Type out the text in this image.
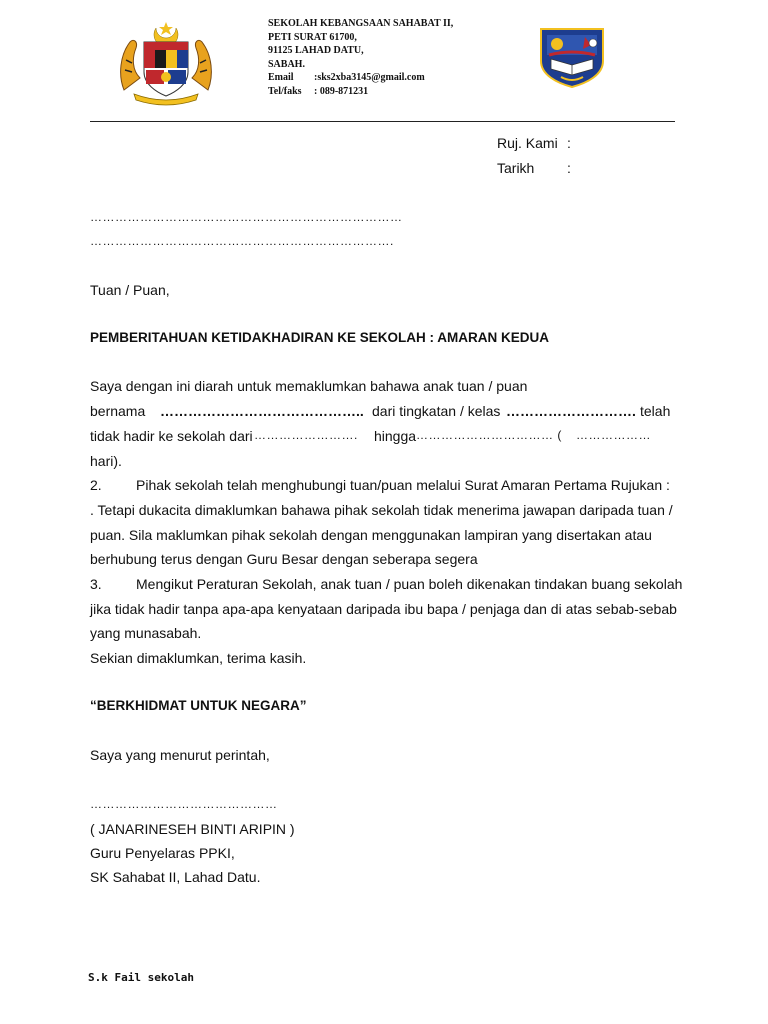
SEKOLAH KEBANGSAAN SAHABAT II,
PETI SURAT 61700,
91125 LAHAD DATU,
SABAH.
Email :sks2xba3145@gmail.com
Tel/faks : 089-871231
Ruj. Kami :
Tarikh :
…………………………………………………………………
……………………………………………………………….
Tuan / Puan,
PEMBERITAHUAN KETIDAKHADIRAN KE SEKOLAH : AMARAN KEDUA
Saya dengan ini diarah untuk memaklumkan bahawa anak tuan / puan
bernama …………………………………….. dari tingkatan / kelas ………………………. telah
tidak hadir ke sekolah dari ……………………. hingga …………………………… ( ………………
hari).
2. Pihak sekolah telah menghubungi tuan/puan melalui Surat Amaran Pertama Rujukan :
. Tetapi dukacita dimaklumkan bahawa pihak sekolah tidak menerima jawapan daripada tuan /
puan. Sila maklumkan pihak sekolah dengan menggunakan lampiran yang disertakan atau
berhubung terus dengan Guru Besar dengan seberapa segera
3. Mengikut Peraturan Sekolah, anak tuan / puan boleh dikenakan tindakan buang sekolah
jika tidak hadir tanpa apa-apa kenyataan daripada ibu bapa / penjaga dan di atas sebab-sebab
yang munasabah.
Sekian dimaklumkan, terima kasih.
“BERKHIDMAT UNTUK NEGARA”
Saya yang menurut perintah,
………………………………………
( JANARINESEH BINTI ARIPIN )
Guru Penyelaras PPKI,
SK Sahabat II, Lahad Datu.
S.k Fail sekolah
